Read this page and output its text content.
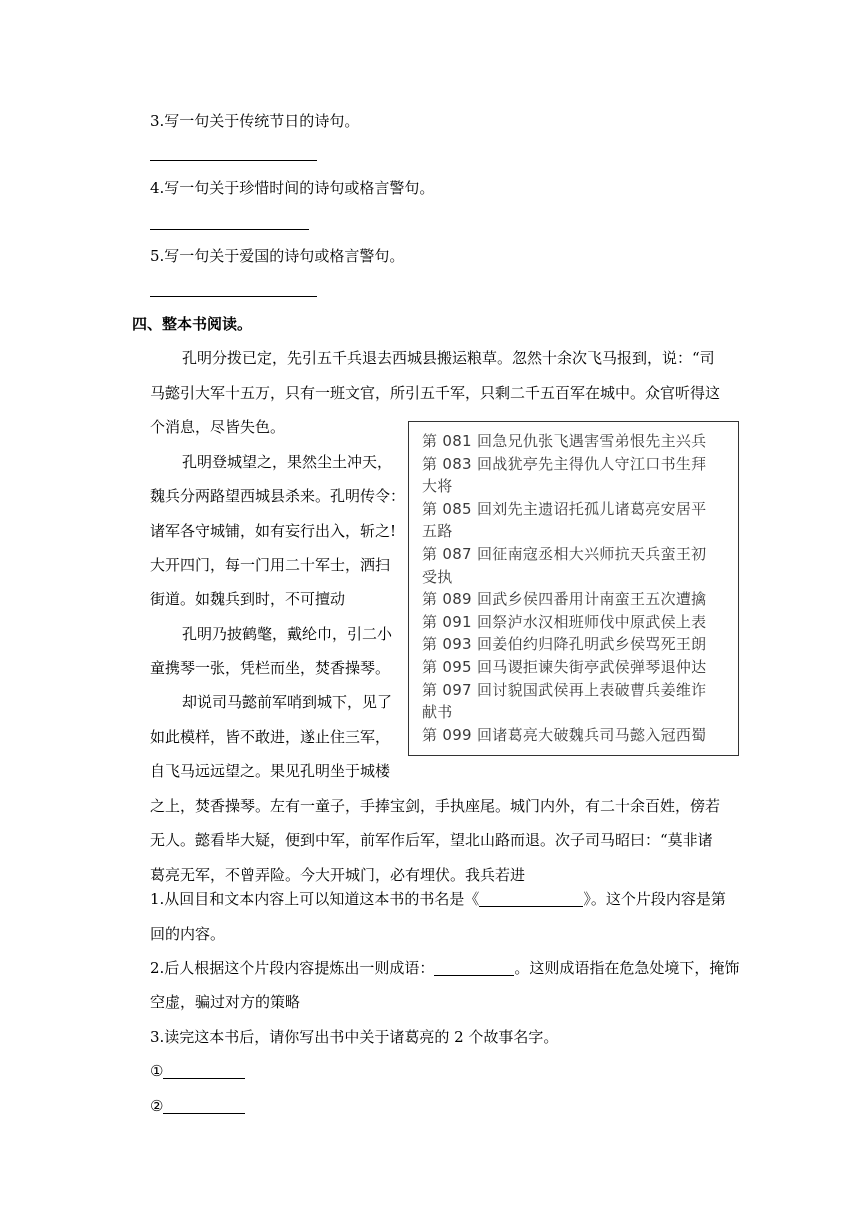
3.写一句关于传统节日的诗句。
4.写一句关于珍惜时间的诗句或格言警句。
5.写一句关于爱国的诗句或格言警句。
四、整本书阅读。
孔明分拨已定，先引五千兵退去西城县搬运粮草。忽然十余次飞马报到，说：“司
马懿引大军十五万，只有一班文官，所引五千军，只剩二千五百军在城中。众官听得这
个消息，尽皆失色。
孔明登城望之，果然尘土冲天，
魏兵分两路望西城县杀来。孔明传令：
诸军各守城铺，如有妄行出入，斩之!
大开四门，每一门用二十军士，洒扫
街道。如魏兵到时，不可擅动
孔明乃披鹤氅，戴纶巾，引二小
童携琴一张，凭栏而坐，焚香操琴。
却说司马懿前军哨到城下，见了
如此模样，皆不敢进，遂止住三军，
自飞马远远望之。果见孔明坐于城楼
之上，焚香操琴。左有一童子，手捧宝剑，手执座尾。城门内外，有二十余百姓，傍若
无人。懿看毕大疑，便到中军，前军作后军，望北山路而退。次子司马昭曰：“莫非诸
葛亮无军，不曾弄险。今大开城门，必有埋伏。我兵若进
第 081 回急兄仇张飞遇害雪弟恨先主兴兵
第 083 回战犹亭先主得仇人守江口书生拜
大将
第 085 回刘先主遗诏托孤儿诸葛亮安居平
五路
第 087 回征南寇丞相大兴师抗天兵蛮王初
受执
第 089 回武乡侯四番用计南蛮王五次遭擒
第 091 回祭泸水汉相班师伐中原武侯上表
第 093 回姜伯约归降孔明武乡侯骂死王朗
第 095 回马谡拒谏失街亭武侯弹琴退仲达
第 097 回讨貌国武侯再上表破曹兵姜维诈
献书
第 099 回诸葛亮大破魏兵司马懿入冠西蜀
1.从回目和文本内容上可以知道这本书的书名是《	》。这个片段内容是第
回的内容。
2.后人根据这个片段内容提炼出一则成语：	。这则成语指在危急处境下，掩饰
空虚，骗过对方的策略
3.读完这本书后，请你写出书中关于诸葛亮的 2 个故事名字。
①
②
